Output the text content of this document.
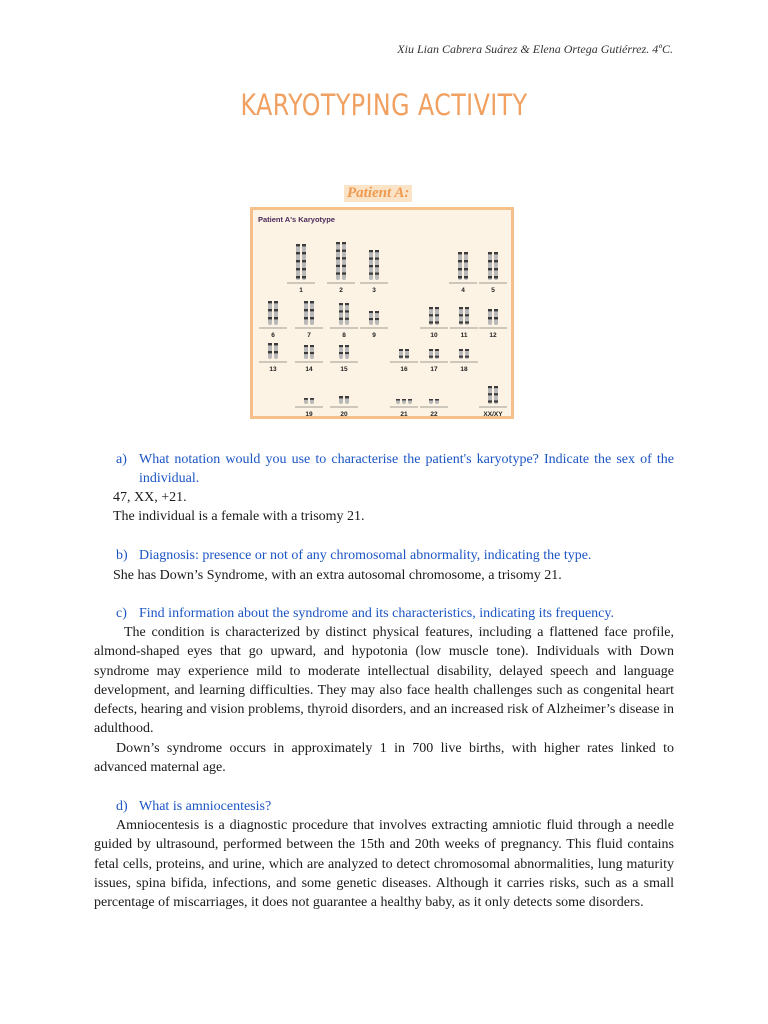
Xiu Lian Cabrera Suárez & Elena Ortega Gutiérrez. 4ºC.
KARYOTYPING ACTIVITY
Patient A:
Patient A's Karyotype
1	2	3	4	5
6	7	8	9	10	11	12
13	14	15	16	17	18
19	20	21	22	XX/XY
a) What notation would you use to characterise the patient's karyotype? Indicate the sex of the individual.
47, XX, +21.
The individual is a female with a trisomy 21.
b) Diagnosis: presence or not of any chromosomal abnormality, indicating the type.
She has Down’s Syndrome, with an extra autosomal chromosome, a trisomy 21.
c) Find information about the syndrome and its characteristics, indicating its frequency.

The condition is characterized by distinct physical features, including a flattened face profile, almond-shaped eyes that go upward, and hypotonia (low muscle tone). Individuals with Down syndrome may experience mild to moderate intellectual disability, delayed speech and language development, and learning difficulties. They may also face health challenges such as congenital heart defects, hearing and vision problems, thyroid disorders, and an increased risk of Alzheimer’s disease in adulthood.

Down’s syndrome occurs in approximately 1 in 700 live births, with higher rates linked to advanced maternal age.

d) What is amniocentesis?

Amniocentesis is a diagnostic procedure that involves extracting amniotic fluid through a needle guided by ultrasound, performed between the 15th and 20th weeks of pregnancy. This fluid contains fetal cells, proteins, and urine, which are analyzed to detect chromosomal abnormalities, lung maturity issues, spina bifida, infections, and some genetic diseases. Although it carries risks, such as a small percentage of miscarriages, it does not guarantee a healthy baby, as it only detects some disorders.
